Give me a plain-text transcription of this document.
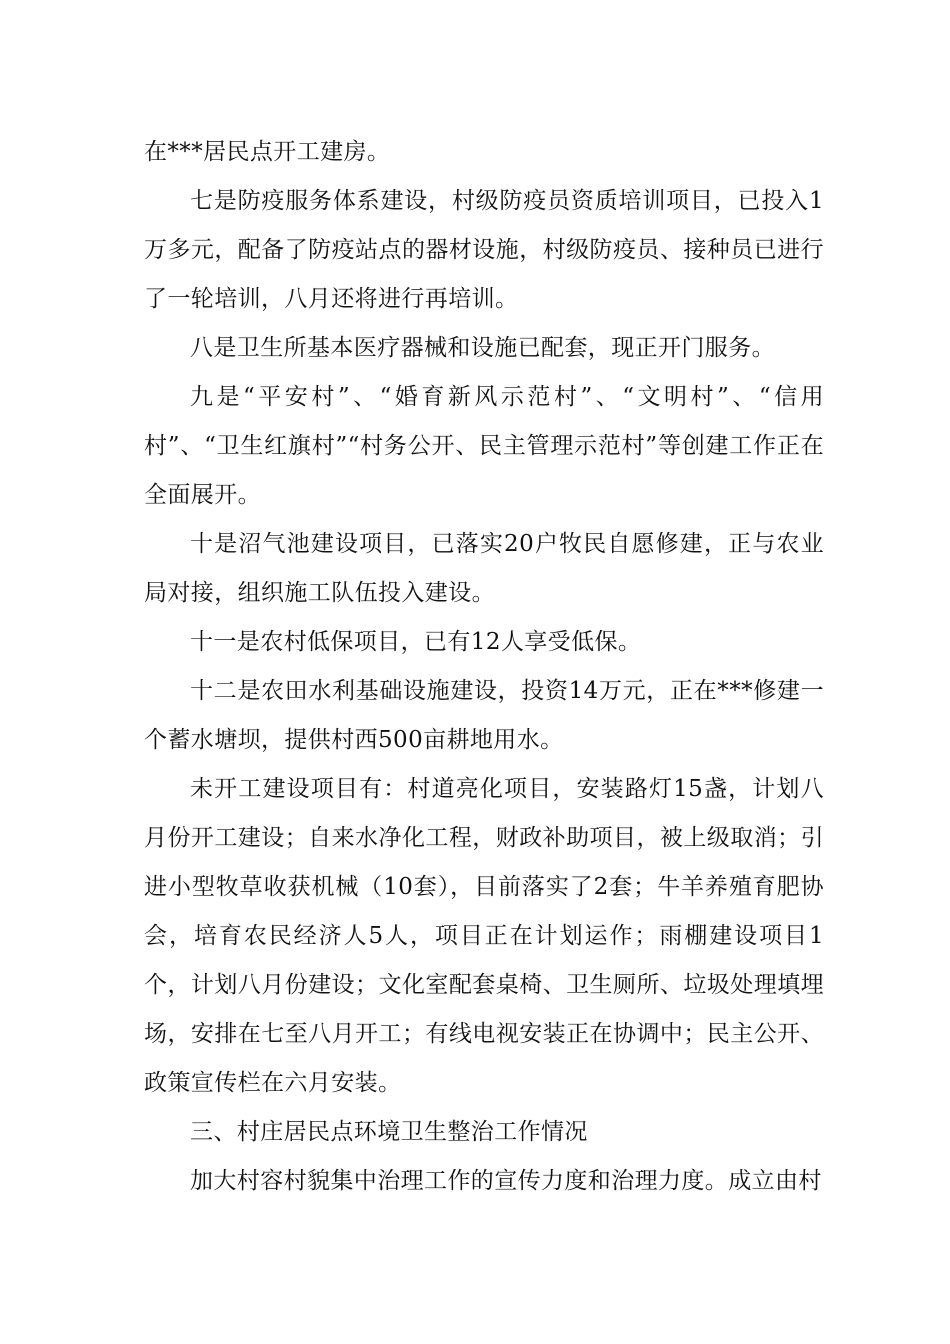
在***居民点开工建房。

七是防疫服务体系建设，村级防疫员资质培训项目，已投入1万多元，配备了防疫站点的器材设施，村级防疫员、接种员已进行了一轮培训，八月还将进行再培训。

八是卫生所基本医疗器械和设施已配套，现正开门服务。

九是“平安村”、“婚育新风示范村”、“文明村”、“信用村”、“卫生红旗村”“村务公开、民主管理示范村”等创建工作正在全面展开。

十是沼气池建设项目，已落实20户牧民自愿修建，正与农业局对接，组织施工队伍投入建设。

十一是农村低保项目，已有12人享受低保。

十二是农田水利基础设施建设，投资14万元，正在***修建一个蓄水塘坝，提供村西500亩耕地用水。

未开工建设项目有：村道亮化项目，安装路灯15盏，计划八月份开工建设；自来水净化工程，财政补助项目，被上级取消；引进小型牧草收获机械（10套），目前落实了2套；牛羊养殖育肥协会，培育农民经济人5人，项目正在计划运作；雨棚建设项目1个，计划八月份建设；文化室配套桌椅、卫生厕所、垃圾处理填埋场，安排在七至八月开工；有线电视安装正在协调中；民主公开、政策宣传栏在六月安装。

三、村庄居民点环境卫生整治工作情况

加大村容村貌集中治理工作的宣传力度和治理力度。成立由村
